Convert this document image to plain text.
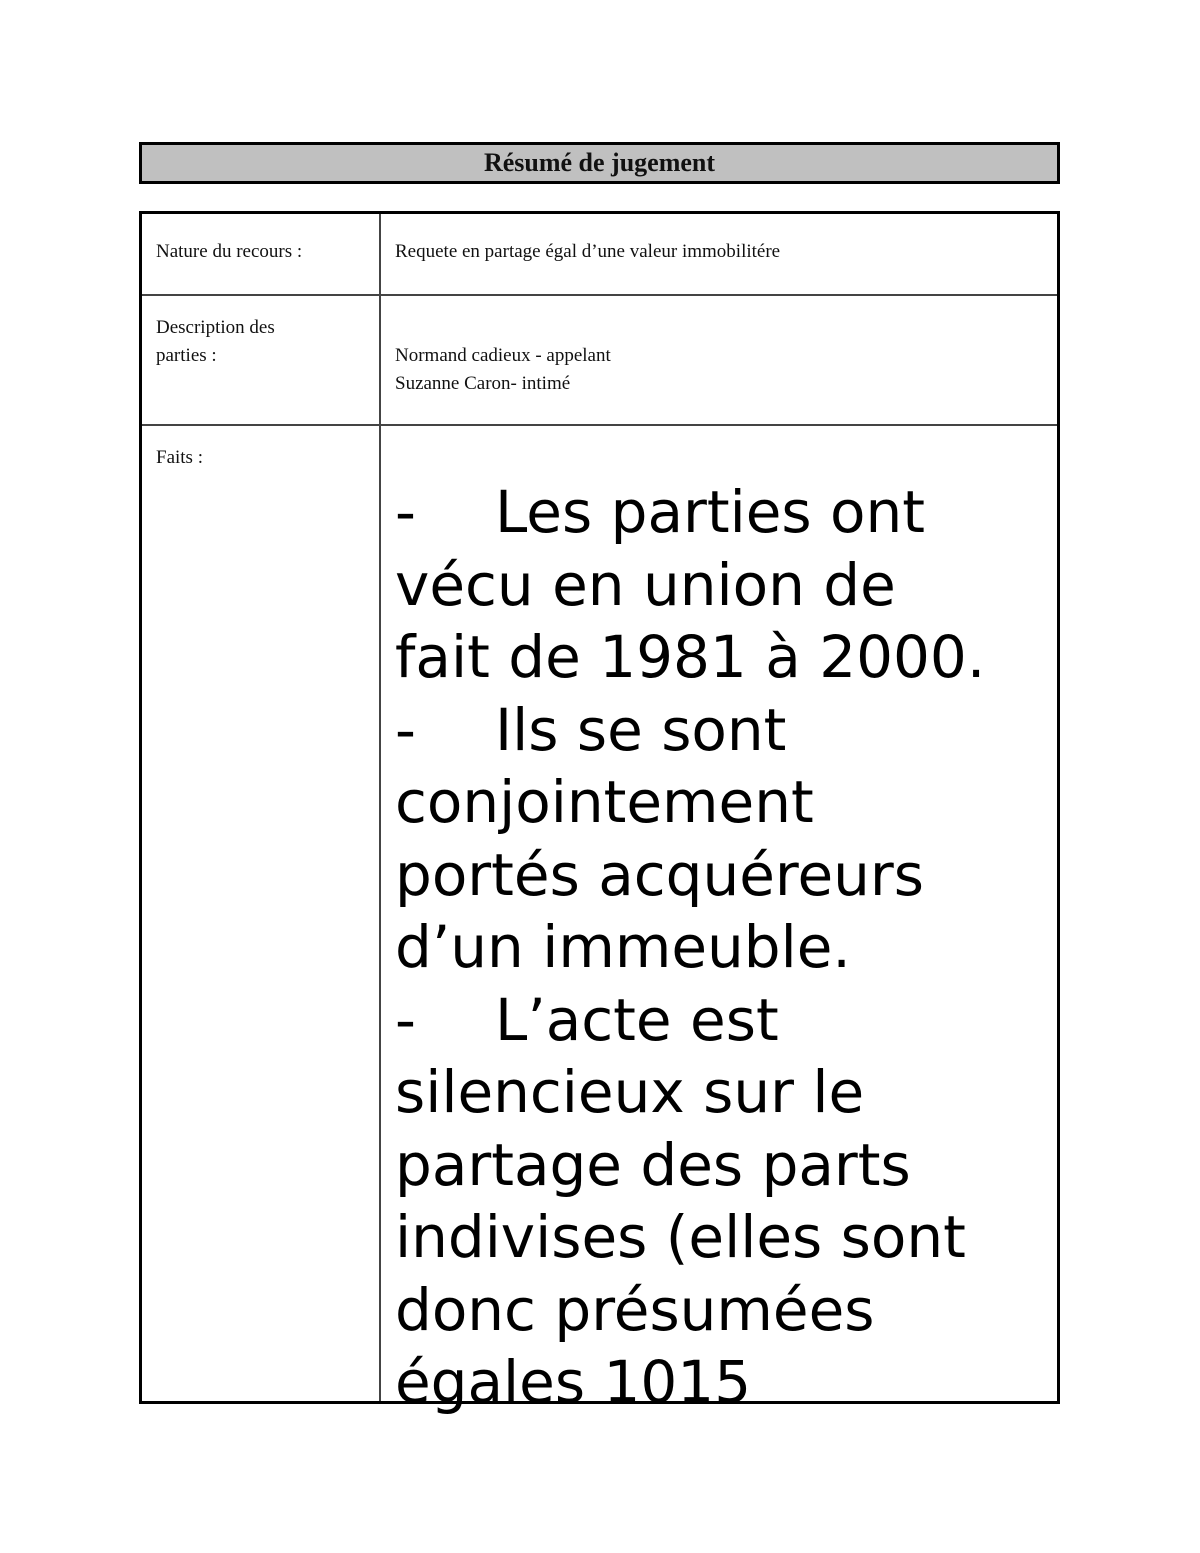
Résumé de jugement
Nature du recours :	Requete en partage égal d’une valeur immobilitére
Description des
parties :	Normand cadieux - appelant
Suzanne Caron- intimé
Faits :
- Les parties ont
vécu en union de
fait de 1981 à 2000.
- Ils se sont
conjointement
portés acquéreurs
d’un immeuble.
- L’acte est
silencieux sur le
partage des parts
indivises (elles sont
donc présumées
égales 1015
